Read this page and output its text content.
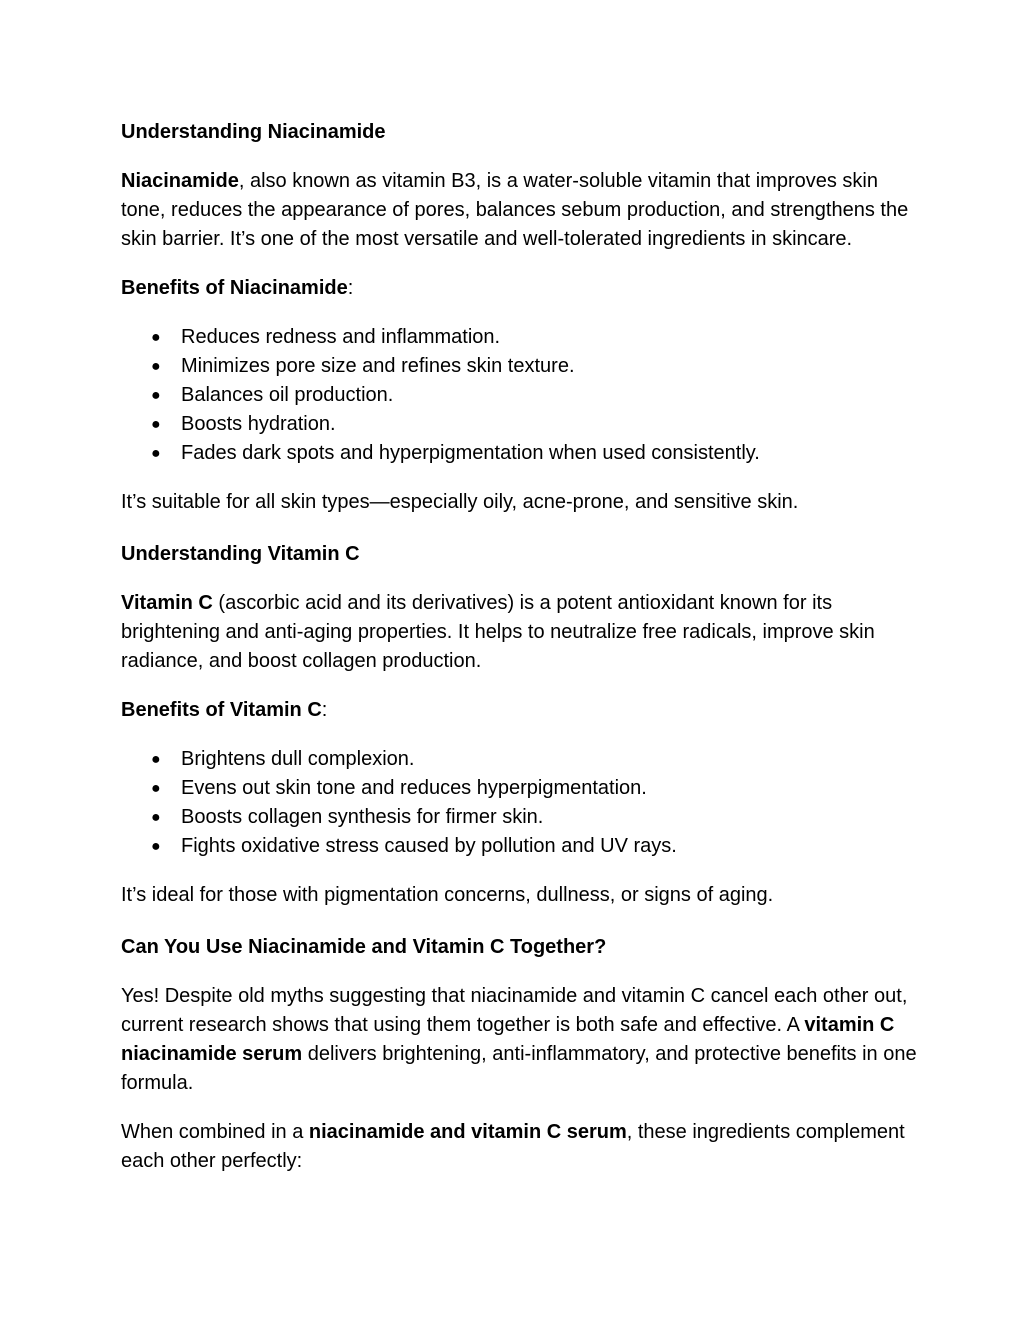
Understanding Niacinamide

Niacinamide, also known as vitamin B3, is a water-soluble vitamin that improves skin tone, reduces the appearance of pores, balances sebum production, and strengthens the skin barrier. It’s one of the most versatile and well-tolerated ingredients in skincare.

Benefits of Niacinamide:

● Reduces redness and inflammation.
● Minimizes pore size and refines skin texture.
● Balances oil production.
● Boosts hydration.
● Fades dark spots and hyperpigmentation when used consistently.

It’s suitable for all skin types—especially oily, acne-prone, and sensitive skin.

Understanding Vitamin C

Vitamin C (ascorbic acid and its derivatives) is a potent antioxidant known for its brightening and anti-aging properties. It helps to neutralize free radicals, improve skin radiance, and boost collagen production.

Benefits of Vitamin C:

● Brightens dull complexion.
● Evens out skin tone and reduces hyperpigmentation.
● Boosts collagen synthesis for firmer skin.
● Fights oxidative stress caused by pollution and UV rays.

It’s ideal for those with pigmentation concerns, dullness, or signs of aging.

Can You Use Niacinamide and Vitamin C Together?

Yes! Despite old myths suggesting that niacinamide and vitamin C cancel each other out, current research shows that using them together is both safe and effective. A vitamin C niacinamide serum delivers brightening, anti-inflammatory, and protective benefits in one formula.

When combined in a niacinamide and vitamin C serum, these ingredients complement each other perfectly:
